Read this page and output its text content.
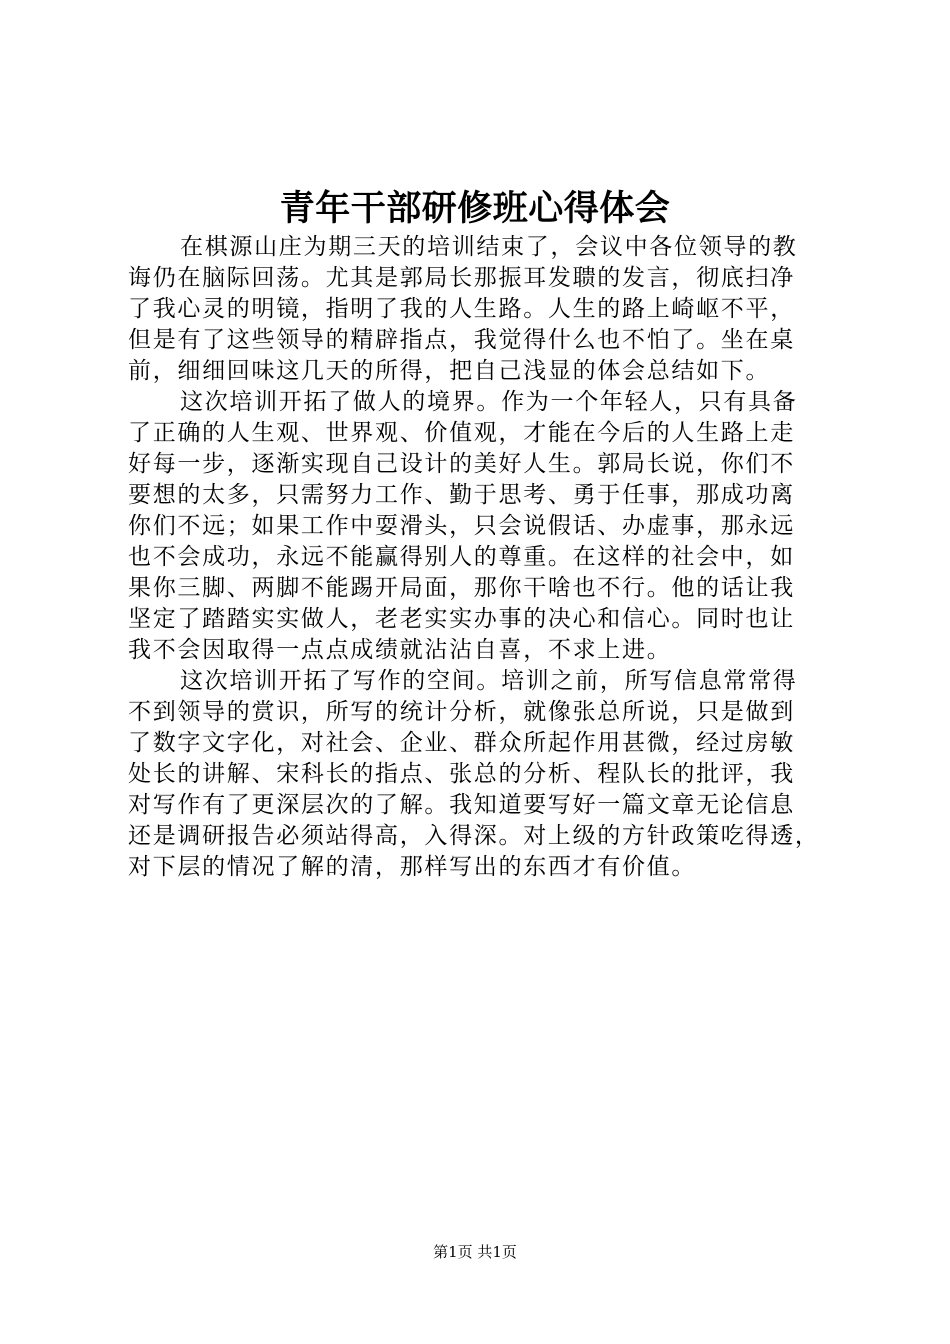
青年干部研修班心得体会
在棋源山庄为期三天的培训结束了，会议中各位领导的教
诲仍在脑际回荡。尤其是郭局长那振耳发聩的发言，彻底扫净
了我心灵的明镜，指明了我的人生路。人生的路上崎岖不平，
但是有了这些领导的精辟指点，我觉得什么也不怕了。坐在桌
前，细细回味这几天的所得，把自己浅显的体会总结如下。
这次培训开拓了做人的境界。作为一个年轻人，只有具备
了正确的人生观、世界观、价值观，才能在今后的人生路上走
好每一步，逐渐实现自己设计的美好人生。郭局长说，你们不
要想的太多，只需努力工作、勤于思考、勇于任事，那成功离
你们不远；如果工作中耍滑头，只会说假话、办虚事，那永远
也不会成功，永远不能赢得别人的尊重。在这样的社会中，如
果你三脚、两脚不能踢开局面，那你干啥也不行。他的话让我
坚定了踏踏实实做人，老老实实办事的决心和信心。同时也让
我不会因取得一点点成绩就沾沾自喜，不求上进。
这次培训开拓了写作的空间。培训之前，所写信息常常得
不到领导的赏识，所写的统计分析，就像张总所说，只是做到
了数字文字化，对社会、企业、群众所起作用甚微，经过房敏
处长的讲解、宋科长的指点、张总的分析、程队长的批评，我
对写作有了更深层次的了解。我知道要写好一篇文章无论信息
还是调研报告必须站得高，入得深。对上级的方针政策吃得透，
对下层的情况了解的清，那样写出的东西才有价值。
第1页 共1页
